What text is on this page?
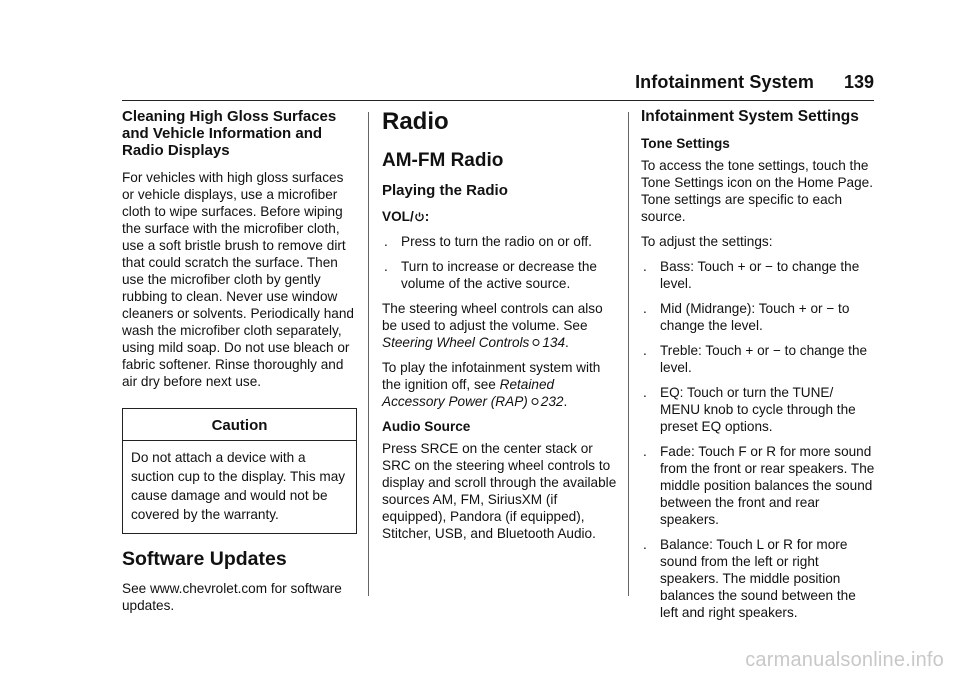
Infotainment System 139
Cleaning High Gloss Surfaces and Vehicle Information and Radio Displays

For vehicles with high gloss surfaces or vehicle displays, use a microfiber cloth to wipe surfaces. Before wiping the surface with the microfiber cloth, use a soft bristle brush to remove dirt that could scratch the surface. Then use the microfiber cloth by gently rubbing to clean. Never use window cleaners or solvents. Periodically hand wash the microfiber cloth separately, using mild soap. Do not use bleach or fabric softener. Rinse thoroughly and air dry before next use.

Caution
Do not attach a device with a suction cup to the display. This may cause damage and would not be covered by the warranty.
Software Updates

See www.chevrolet.com for software updates.

Radio
AM-FM Radio
Playing the Radio

VOL/ :

. Press to turn the radio on or off.
. Turn to increase or decrease the volume of the active source.

The steering wheel controls can also be used to adjust the volume. See Steering Wheel Controls 134.

To play the infotainment system with the ignition off, see Retained Accessory Power (RAP) 232.

Audio Source

Press SRCE on the center stack or SRC on the steering wheel controls to display and scroll through the available sources AM, FM, SiriusXM (if equipped), Pandora (if equipped), Stitcher, USB, and Bluetooth Audio.

Infotainment System Settings

Tone Settings

To access the tone settings, touch the Tone Settings icon on the Home Page. Tone settings are specific to each source.

To adjust the settings:

. Bass: Touch + or − to change the level.
. Mid (Midrange): Touch + or − to change the level.
. Treble: Touch + or − to change the level.
. EQ: Touch or turn the TUNE/ MENU knob to cycle through the preset EQ options.
. Fade: Touch F or R for more sound from the front or rear speakers. The middle position balances the sound between the front and rear speakers.
. Balance: Touch L or R for more sound from the left or right speakers. The middle position balances the sound between the left and right speakers.
carmanualsonline.info
